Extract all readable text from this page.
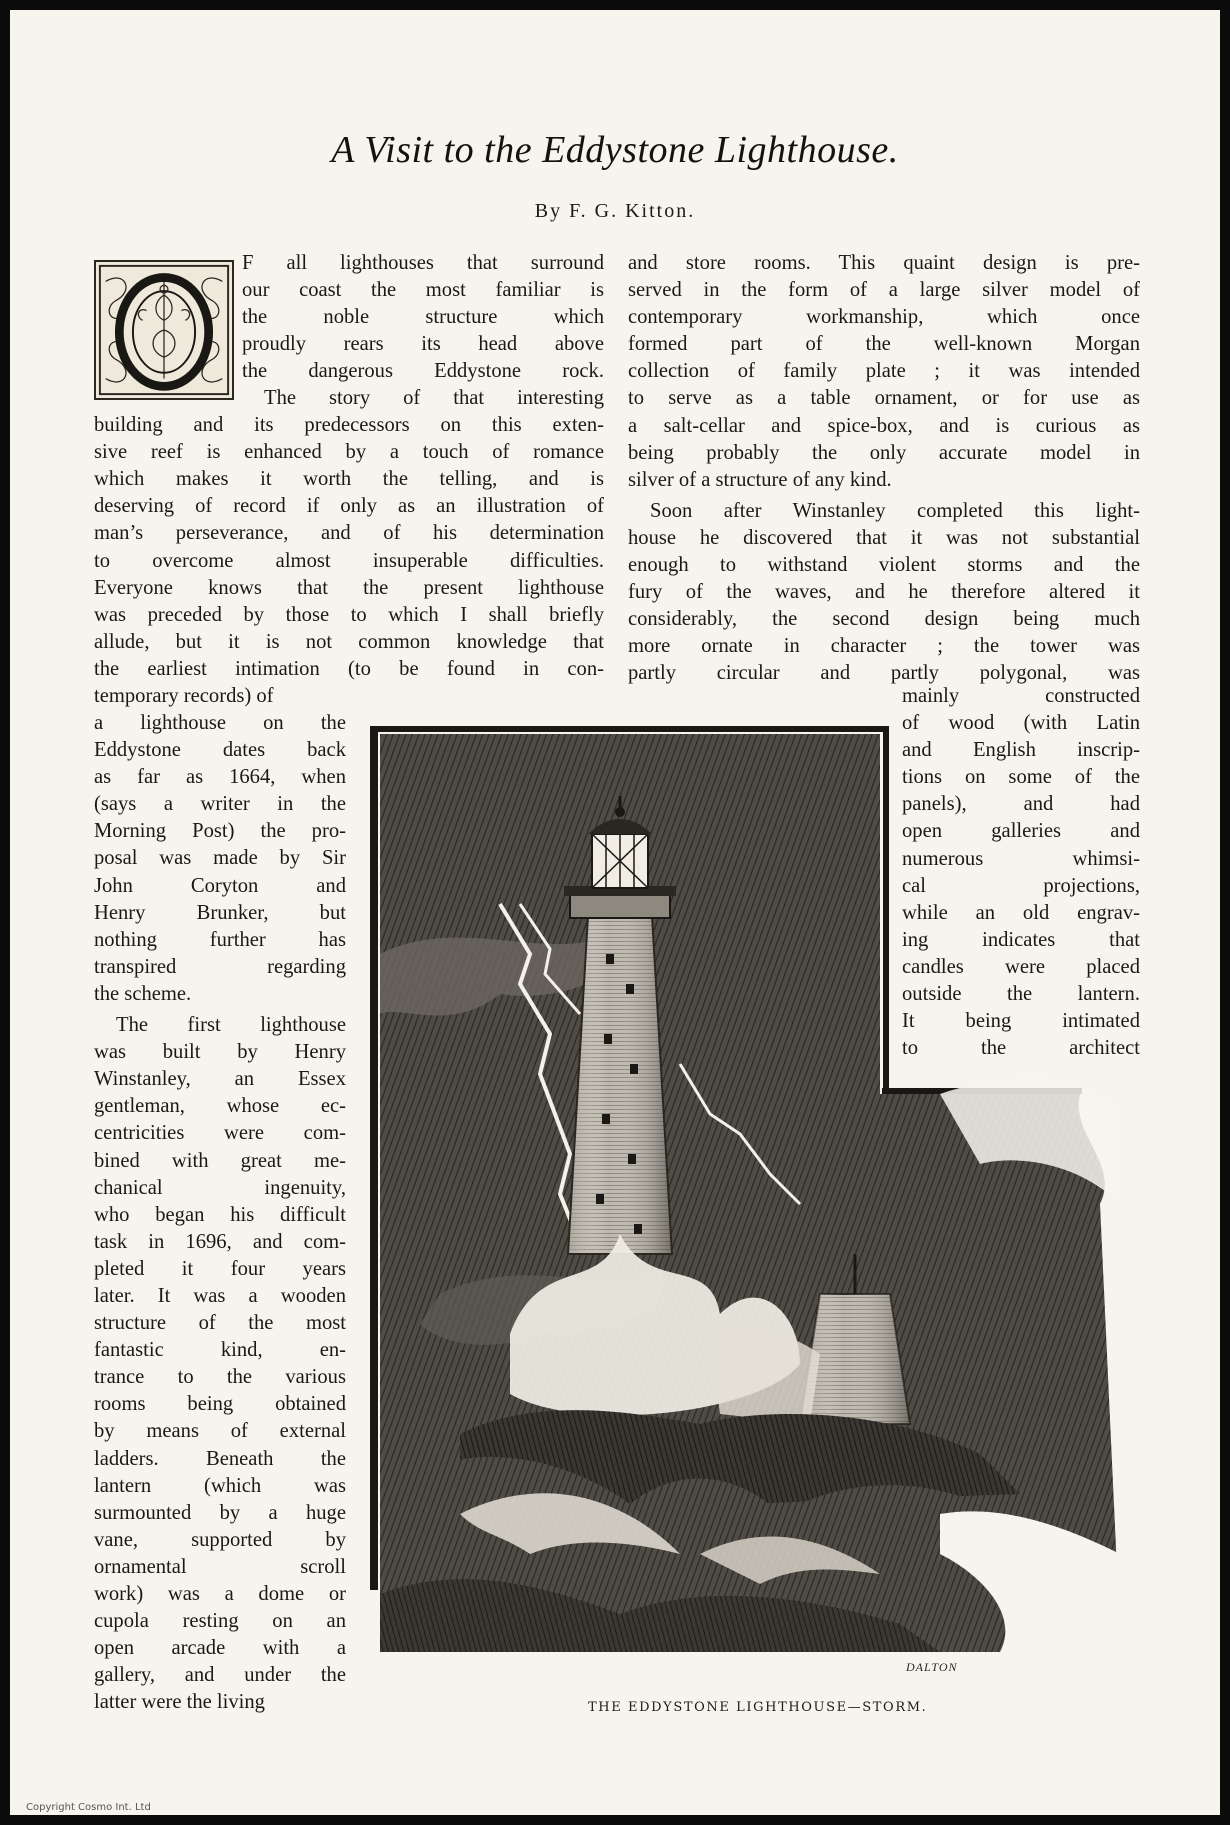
A Visit to the Eddystone Lighthouse.
By F. G. Kitton.
F all lighthouses that surround
our coast the most familiar is
the noble structure which
proudly rears its head above
the dangerous Eddystone rock.
The story of that interesting
building and its predecessors on this exten-
sive reef is enhanced by a touch of romance
which makes it worth the telling, and is
deserving of record if only as an illustration of
man’s perseverance, and of his determination
to overcome almost insuperable difficulties.
Everyone knows that the present lighthouse
was preceded by those to which I shall briefly
allude, but it is not common knowledge that
the earliest intimation (to be found in con-
temporary records) of
a lighthouse on the
Eddystone dates back
as far as 1664, when
(says a writer in the
Morning Post) the pro-
posal was made by Sir
John Coryton and
Henry Brunker, but
nothing further has
transpired regarding
the scheme.
The first lighthouse
was built by Henry
Winstanley, an Essex
gentleman, whose ec-
centricities were com-
bined with great me-
chanical ingenuity,
who began his difficult
task in 1696, and com-
pleted it four years
later. It was a wooden
structure of the most
fantastic kind, en-
trance to the various
rooms being obtained
by means of external
ladders. Beneath the
lantern (which was
surmounted by a huge
vane, supported by
ornamental scroll
work) was a dome or
cupola resting on an
open arcade with a
gallery, and under the
latter were the living
and store rooms. This quaint design is pre-
served in the form of a large silver model of
contemporary workmanship, which once
formed part of the well-known Morgan
collection of family plate ; it was intended
to serve as a table ornament, or for use as
a salt-cellar and spice-box, and is curious as
being probably the only accurate model in
silver of a structure of any kind.
Soon after Winstanley completed this light-
house he discovered that it was not substantial
enough to withstand violent storms and the
fury of the waves, and he therefore altered it
considerably, the second design being much
more ornate in character ; the tower was
partly circular and partly polygonal, was
mainly constructed
of wood (with Latin
and English inscrip-
tions on some of the
panels), and had
open galleries and
numerous whimsi-
cal projections,
while an old engrav-
ing indicates that
candles were placed
outside the lantern.
It being intimated
to the architect
DALTON
THE EDDYSTONE LIGHTHOUSE—STORM.
Copyright Cosmo Int. Ltd
